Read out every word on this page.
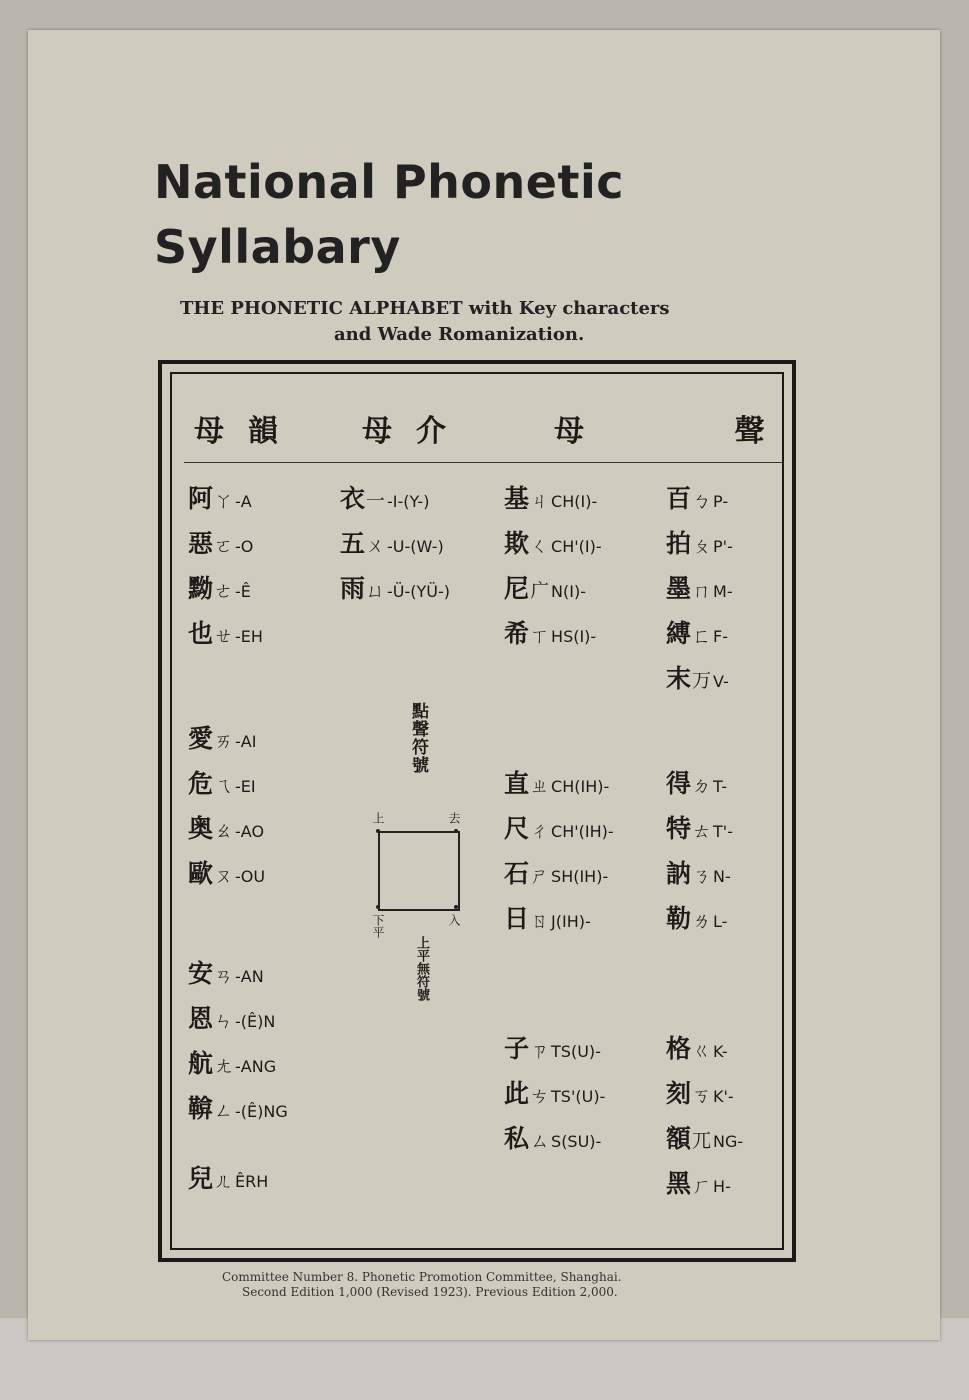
National Phonetic
Syllabary
THE PHONETIC ALPHABET with Key characters
and Wade Romanization.
母韻 母介	母 聲
點聲符號
上	去
下平	入
上平無符號
阿ㄚ -A
惡ㄛ -O
黝ㄜ -Ê
也ㄝ -EH
愛ㄞ -AI
危ㄟ -EI
奥ㄠ -AO
歐ㄡ -OU
安ㄢ -AN
恩ㄣ -(Ê)N
航ㄤ -ANG
鞥ㄥ -(Ê)NG
兒ㄦ ÊRH
衣一 -I-(Y-)
五ㄨ -U-(W-)
雨ㄩ -Ü-(YÜ-)
基ㄐ CH(I)-
欺ㄑ CH'(I)-
尼ㄬ N(I)-
希ㄒ HS(I)-
直ㄓ CH(IH)-
尺ㄔ CH'(IH)-
石ㄕ SH(IH)-
日ㄖ J(IH)-
子ㄗ TS(U)-
此ㄘ TS'(U)-
私ㄙ S(SU)-
百ㄅ P-
拍ㄆ P'-
墨ㄇ M-
縛ㄈ F-
末ㄪ V-
得ㄉ T-
特ㄊ T'-
訥ㄋ N-
勒ㄌ L-
格ㄍ K-
刻ㄎ K'-
額ㄫ NG-
黑ㄏ H-
Committee Number 8. Phonetic Promotion Committee, Shanghai.
Second Edition 1,000 (Revised 1923). Previous Edition 2,000.
